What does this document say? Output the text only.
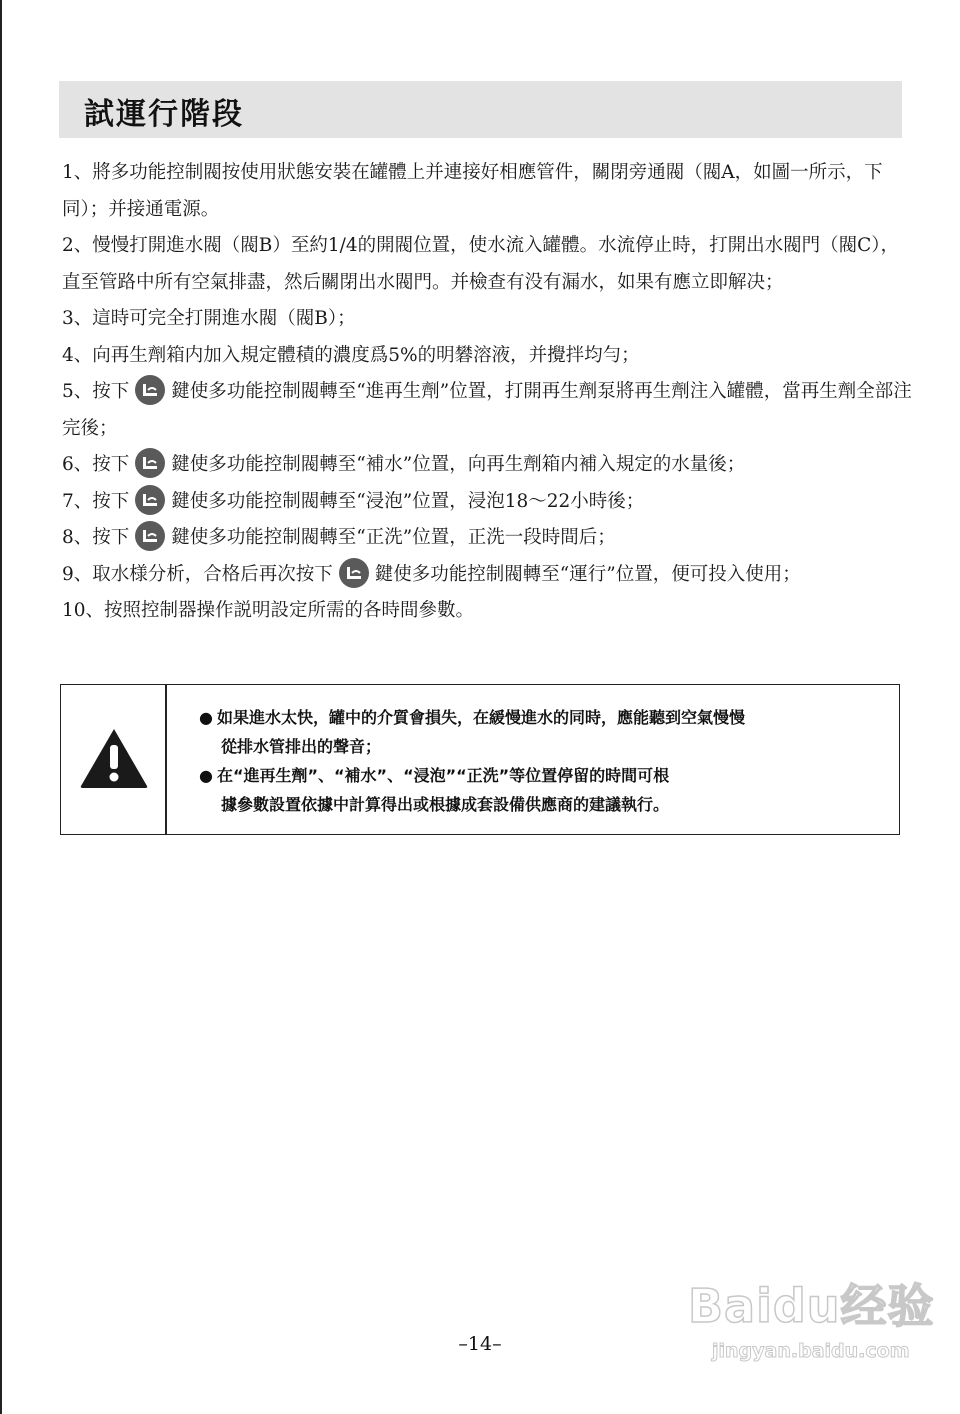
試運行階段

1、將多功能控制閥按使用狀態安裝在罐體上并連接好相應管件，關閉旁通閥（閥A，如圖一所示，下同）；并接通電源。

2、慢慢打開進水閥（閥B）至約1/4的開閥位置，使水流入罐體。水流停止時，打開出水閥門（閥C），直至管路中所有空氣排盡，然后關閉出水閥門。并檢查有没有漏水，如果有應立即解决；

3、這時可完全打開進水閥（閥B）；

4、向再生劑箱内加入規定體積的濃度爲5%的明礬溶液，并攪拌均勻；

5、按下 鍵使多功能控制閥轉至“進再生劑”位置，打開再生劑泵將再生劑注入罐體，當再生劑全部注完後；

6、按下 鍵使多功能控制閥轉至“補水”位置，向再生劑箱内補入規定的水量後；

7、按下 鍵使多功能控制閥轉至“浸泡”位置，浸泡18～22小時後；

8、按下 鍵使多功能控制閥轉至“正洗”位置，正洗一段時間后；

9、取水様分析，合格后再次按下 鍵使多功能控制閥轉至“運行”位置，便可投入使用；

10、按照控制器操作説明設定所需的各時間參數。

● 如果進水太快，罐中的介質會損失，在緩慢進水的同時，應能聽到空氣慢慢
從排水管排出的聲音；

● 在“進再生劑”、“補水”、“浸泡”“正洗”等位置停留的時間可根
據參數設置依據中計算得出或根據成套設備供應商的建議執行。

Baidu经验
jingyan.baidu.com
–14–
